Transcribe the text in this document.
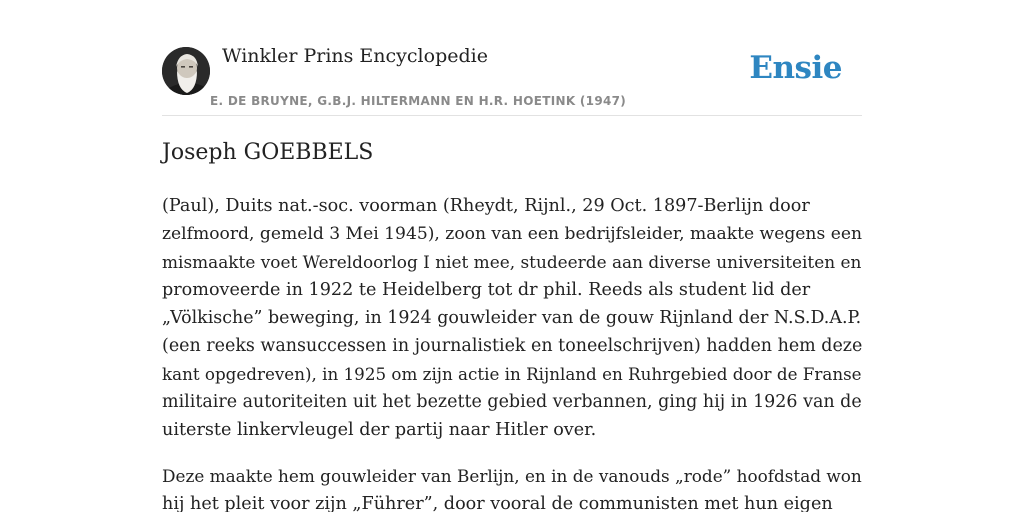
Winkler Prins Encyclopedie
E. DE BRUYNE, G.B.J. HILTERMANN EN H.R. HOETINK (1947)
Ensie
Joseph GOEBBELS

(Paul), Duits nat.-soc. voorman (Rheydt, Rijnl., 29 Oct. 1897-Berlijn door
zelfmoord, gemeld 3 Mei 1945), zoon van een bedrijfsleider, maakte wegens een
mismaakte voet Wereldoorlog I niet mee, studeerde aan diverse universiteiten en
promoveerde in 1922 te Heidelberg tot dr phil. Reeds als student lid der
„Völkische” beweging, in 1924 gouwleider van de gouw Rijnland der N.S.D.A.P.
(een reeks wansuccessen in journalistiek en toneelschrijven) hadden hem deze
kant opgedreven), in 1925 om zijn actie in Rijnland en Ruhrgebied door de Franse
militaire autoriteiten uit het bezette gebied verbannen, ging hij in 1926 van de
uiterste linkervleugel der partij naar Hitler over.

Deze maakte hem gouwleider van Berlijn, en in de vanouds „rode” hoofdstad won
hij het pleit voor zijn „Führer”, door vooral de communisten met hun eigen
